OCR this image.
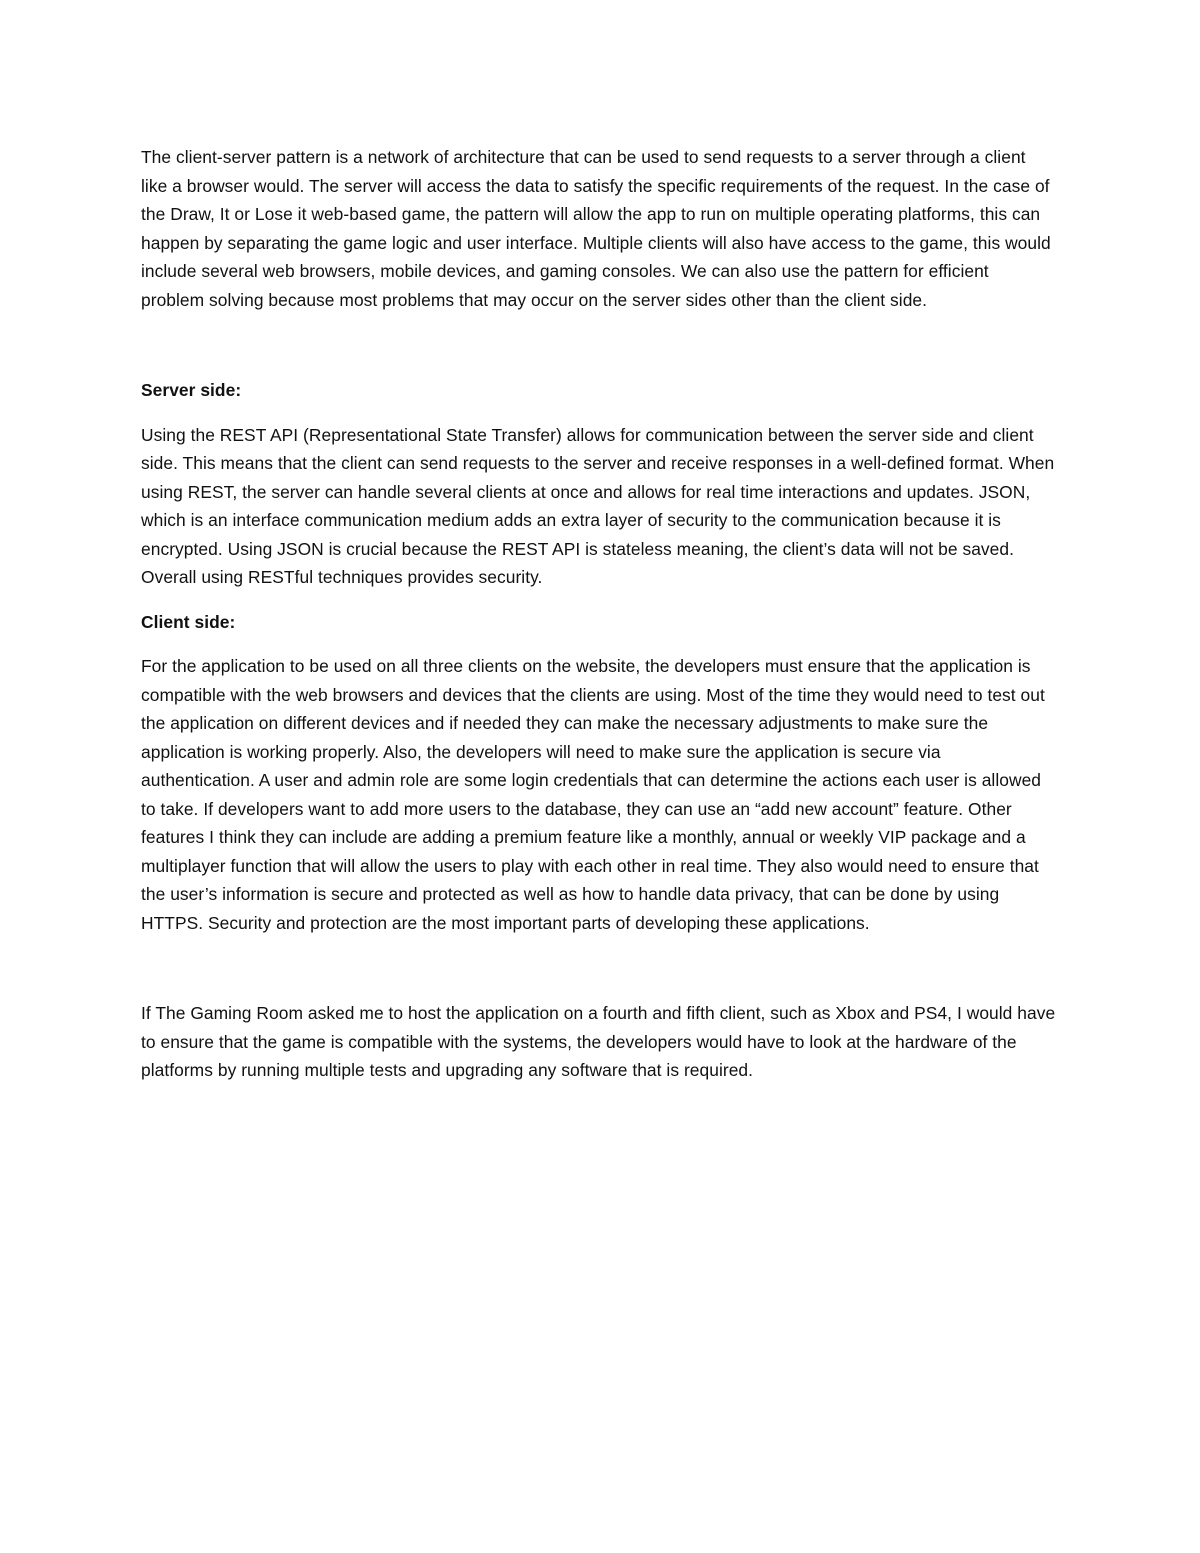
The client-server pattern is a network of architecture that can be used to send requests to a server through a client like a browser would. The server will access the data to satisfy the specific requirements of the request. In the case of the Draw, It or Lose it web-based game, the pattern will allow the app to run on multiple operating platforms, this can happen by separating the game logic and user interface. Multiple clients will also have access to the game, this would include several web browsers, mobile devices, and gaming consoles. We can also use the pattern for efficient problem solving because most problems that may occur on the server sides other than the client side.

Server side:

Using the REST API (Representational State Transfer) allows for communication between the server side and client side. This means that the client can send requests to the server and receive responses in a well-defined format. When using REST, the server can handle several clients at once and allows for real time interactions and updates. JSON, which is an interface communication medium adds an extra layer of security to the communication because it is encrypted. Using JSON is crucial because the REST API is stateless meaning, the client’s data will not be saved. Overall using RESTful techniques provides security.

Client side:

For the application to be used on all three clients on the website, the developers must ensure that the application is compatible with the web browsers and devices that the clients are using. Most of the time they would need to test out the application on different devices and if needed they can make the necessary adjustments to make sure the application is working properly. Also, the developers will need to make sure the application is secure via authentication. A user and admin role are some login credentials that can determine the actions each user is allowed to take. If developers want to add more users to the database, they can use an “add new account” feature. Other features I think they can include are adding a premium feature like a monthly, annual or weekly VIP package and a multiplayer function that will allow the users to play with each other in real time. They also would need to ensure that the user’s information is secure and protected as well as how to handle data privacy, that can be done by using HTTPS. Security and protection are the most important parts of developing these applications.

If The Gaming Room asked me to host the application on a fourth and fifth client, such as Xbox and PS4, I would have to ensure that the game is compatible with the systems, the developers would have to look at the hardware of the platforms by running multiple tests and upgrading any software that is required.
